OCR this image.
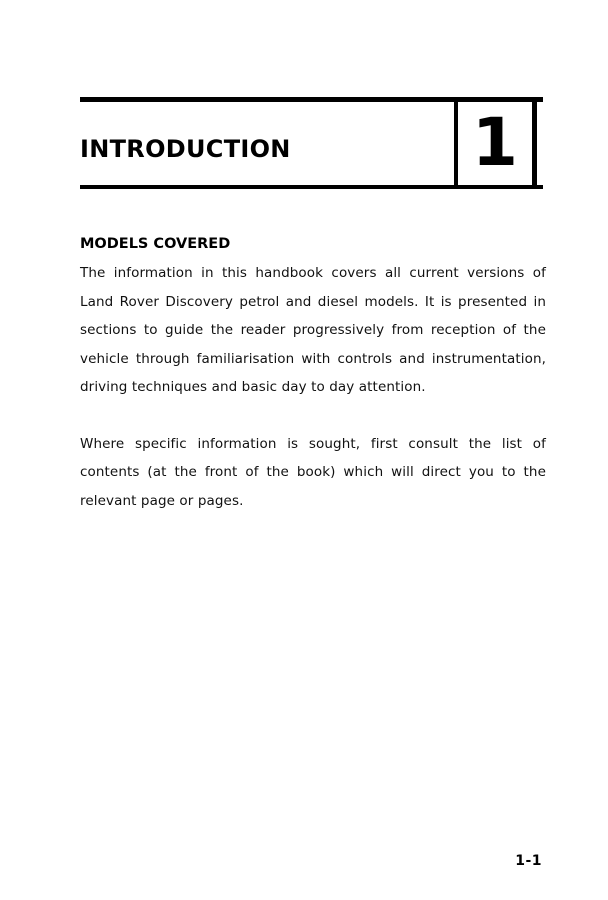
INTRODUCTION	1
MODELS COVERED

The information in this handbook covers all current versions of Land Rover Discovery petrol and diesel models. It is presented in sections to guide the reader progressively from reception of the vehicle through familiarisation with controls and instrumentation, driving techniques and basic day to day attention.

Where specific information is sought, first consult the list of contents (at the front of the book) which will direct you to the relevant page or pages.

1-1
